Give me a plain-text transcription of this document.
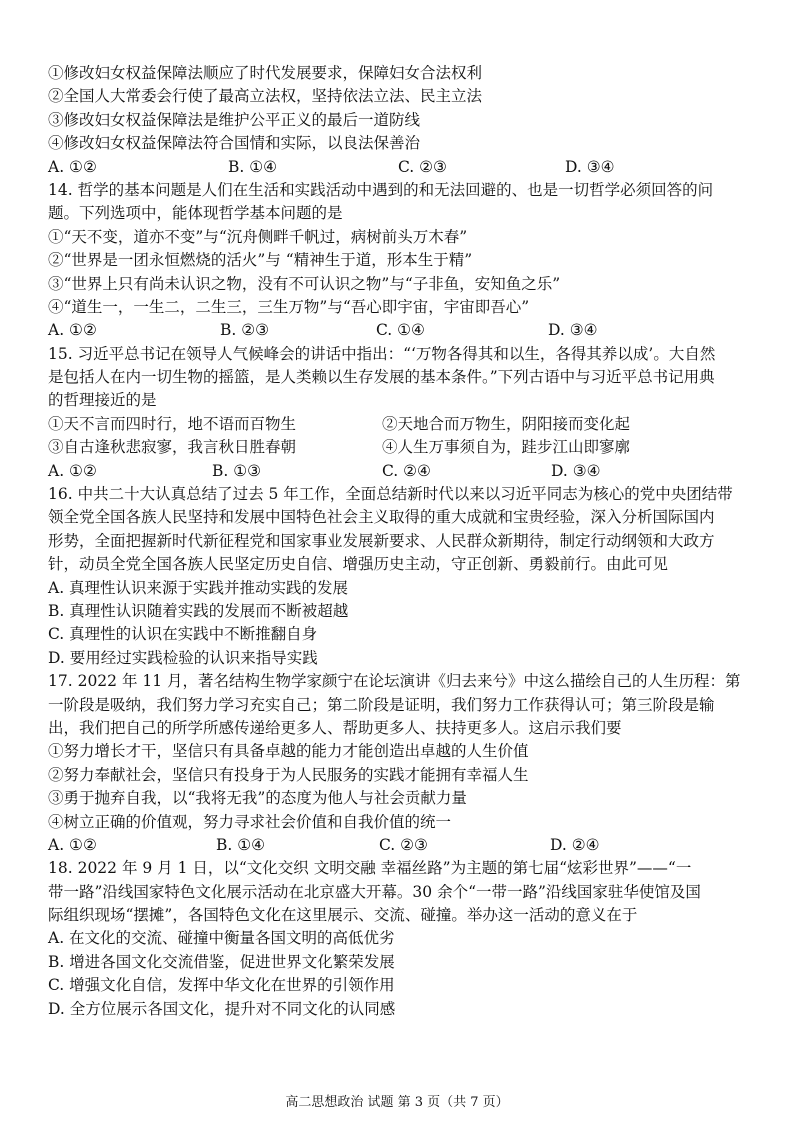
①修改妇女权益保障法顺应了时代发展要求，保障妇女合法权利
②全国人大常委会行使了最高立法权，坚持依法立法、民主立法
③修改妇女权益保障法是维护公平正义的最后一道防线
④修改妇女权益保障法符合国情和实际，以良法保善治
A. ①②	B. ①④	C. ②③	D. ③④
14. 哲学的基本问题是人们在生活和实践活动中遇到的和无法回避的、也是一切哲学必须回答的问
题。下列选项中，能体现哲学基本问题的是
①“天不变，道亦不变”与“沉舟侧畔千帆过，病树前头万木春”
②“世界是一团永恒燃烧的活火”与 “精神生于道，形本生于精”
③“世界上只有尚未认识之物，没有不可认识之物”与“子非鱼，安知鱼之乐”
④“道生一，一生二，二生三，三生万物”与“吾心即宇宙，宇宙即吾心”
A. ①②	B. ②③	C. ①④	D. ③④
15. 习近平总书记在领导人气候峰会的讲话中指出：“‘万物各得其和以生，各得其养以成’。大自然
是包括人在内一切生物的摇篮，是人类赖以生存发展的基本条件。”下列古语中与习近平总书记用典
的哲理接近的是
①天不言而四时行，地不语而百物生	②天地合而万物生，阴阳接而变化起
③自古逢秋悲寂寥，我言秋日胜春朝	④人生万事须自为，跬步江山即寥廓
A. ①②	B. ①③	C. ②④	D. ③④
16. 中共二十大认真总结了过去 5 年工作，全面总结新时代以来以习近平同志为核心的党中央团结带
领全党全国各族人民坚持和发展中国特色社会主义取得的重大成就和宝贵经验，深入分析国际国内
形势，全面把握新时代新征程党和国家事业发展新要求、人民群众新期待，制定行动纲领和大政方
针，动员全党全国各族人民坚定历史自信、增强历史主动，守正创新、勇毅前行。由此可见
A. 真理性认识来源于实践并推动实践的发展
B. 真理性认识随着实践的发展而不断被超越
C. 真理性的认识在实践中不断推翻自身
D. 要用经过实践检验的认识来指导实践
17. 2022 年 11 月，著名结构生物学家颜宁在论坛演讲《归去来兮》中这么描绘自己的人生历程：第
一阶段是吸纳，我们努力学习充实自己；第二阶段是证明，我们努力工作获得认可；第三阶段是输
出，我们把自己的所学所感传递给更多人、帮助更多人、扶持更多人。这启示我们要
①努力增长才干，坚信只有具备卓越的能力才能创造出卓越的人生价值
②努力奉献社会，坚信只有投身于为人民服务的实践才能拥有幸福人生
③勇于抛弃自我，以“我将无我”的态度为他人与社会贡献力量
④树立正确的价值观，努力寻求社会价值和自我价值的统一
A. ①②	B. ①④	C. ②③	D. ②④
18. 2022 年 9 月 1 日，以“文化交织 文明交融 幸福丝路”为主题的第七届“炫彩世界”——“一
带一路”沿线国家特色文化展示活动在北京盛大开幕。30 余个“一带一路”沿线国家驻华使馆及国
际组织现场“摆摊”，各国特色文化在这里展示、交流、碰撞。举办这一活动的意义在于
A. 在文化的交流、碰撞中衡量各国文明的高低优劣
B. 增进各国文化交流借鉴，促进世界文化繁荣发展
C. 增强文化自信，发挥中华文化在世界的引领作用
D. 全方位展示各国文化，提升对不同文化的认同感
高二思想政治 试题 第 3 页（共 7 页）
